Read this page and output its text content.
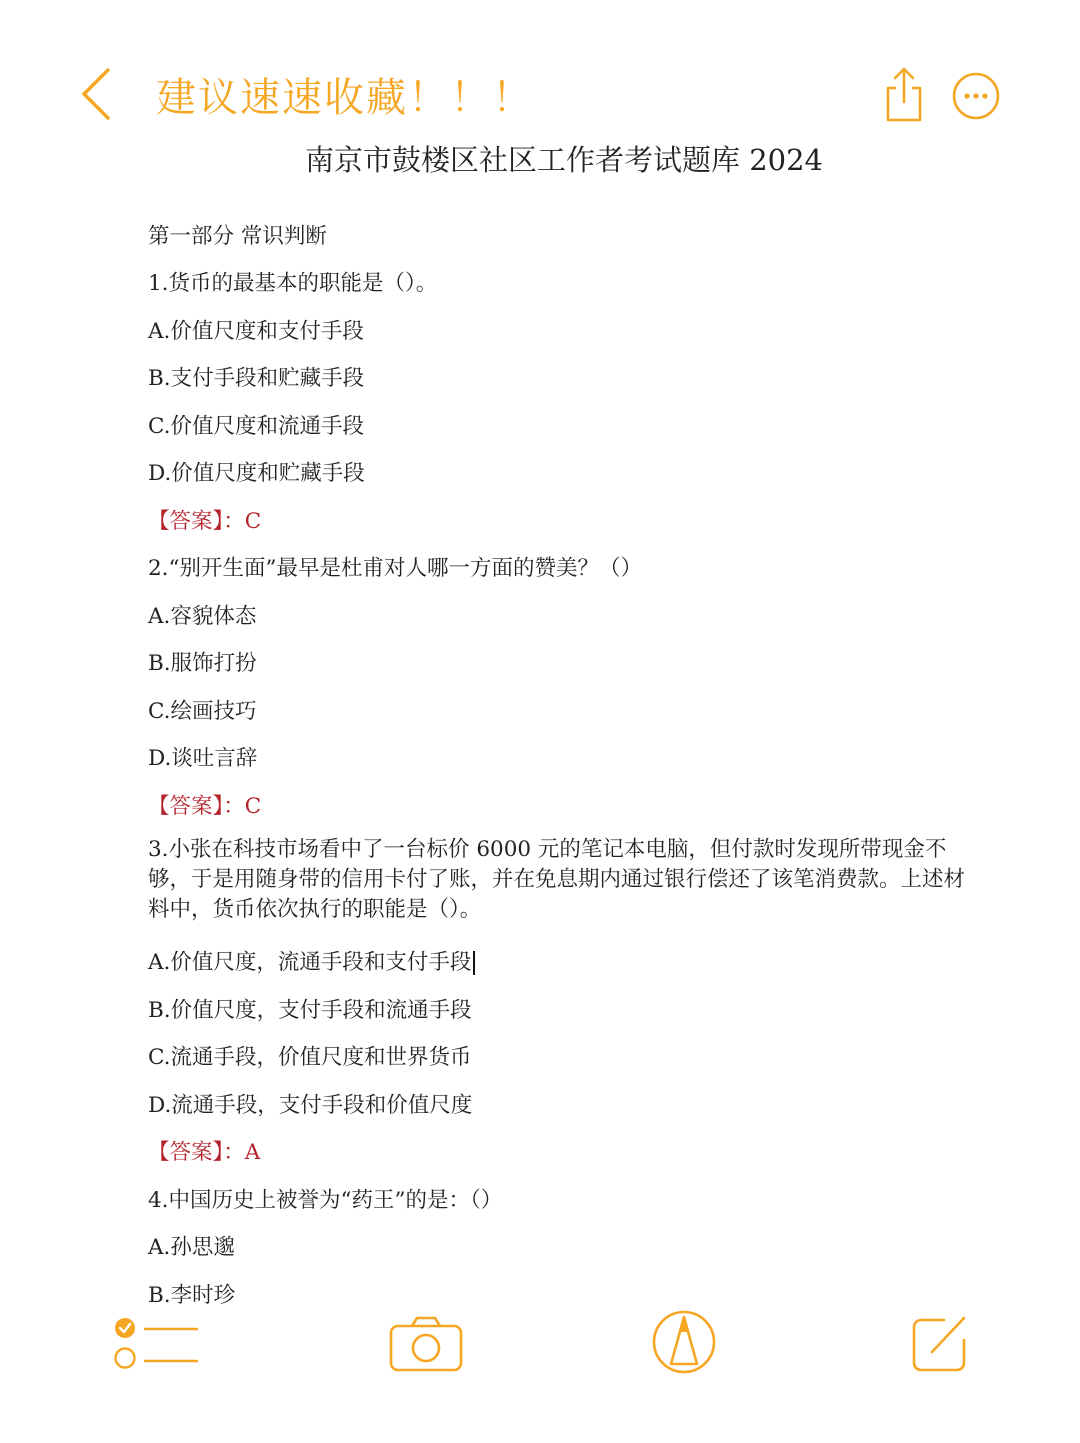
建议速速收藏！！！
南京市鼓楼区社区工作者考试题库 2024
第一部分 常识判断
1.货币的最基本的职能是（）。
A.价值尺度和支付手段
B.支付手段和贮藏手段
C.价值尺度和流通手段
D.价值尺度和贮藏手段
【答案】：C
2.“别开生面”最早是杜甫对人哪一方面的赞美？（）
A.容貌体态
B.服饰打扮
C.绘画技巧
D.谈吐言辞
【答案】：C
3.小张在科技市场看中了一台标价 6000 元的笔记本电脑，但付款时发现所带现金不够，于是用随身带的信用卡付了账，并在免息期内通过银行偿还了该笔消费款。上述材料中，货币依次执行的职能是（）。
A.价值尺度，流通手段和支付手段
B.价值尺度，支付手段和流通手段
C.流通手段，价值尺度和世界货币
D.流通手段，支付手段和价值尺度
【答案】：A
4.中国历史上被誉为“药王”的是：（）
A.孙思邈
B.李时珍
